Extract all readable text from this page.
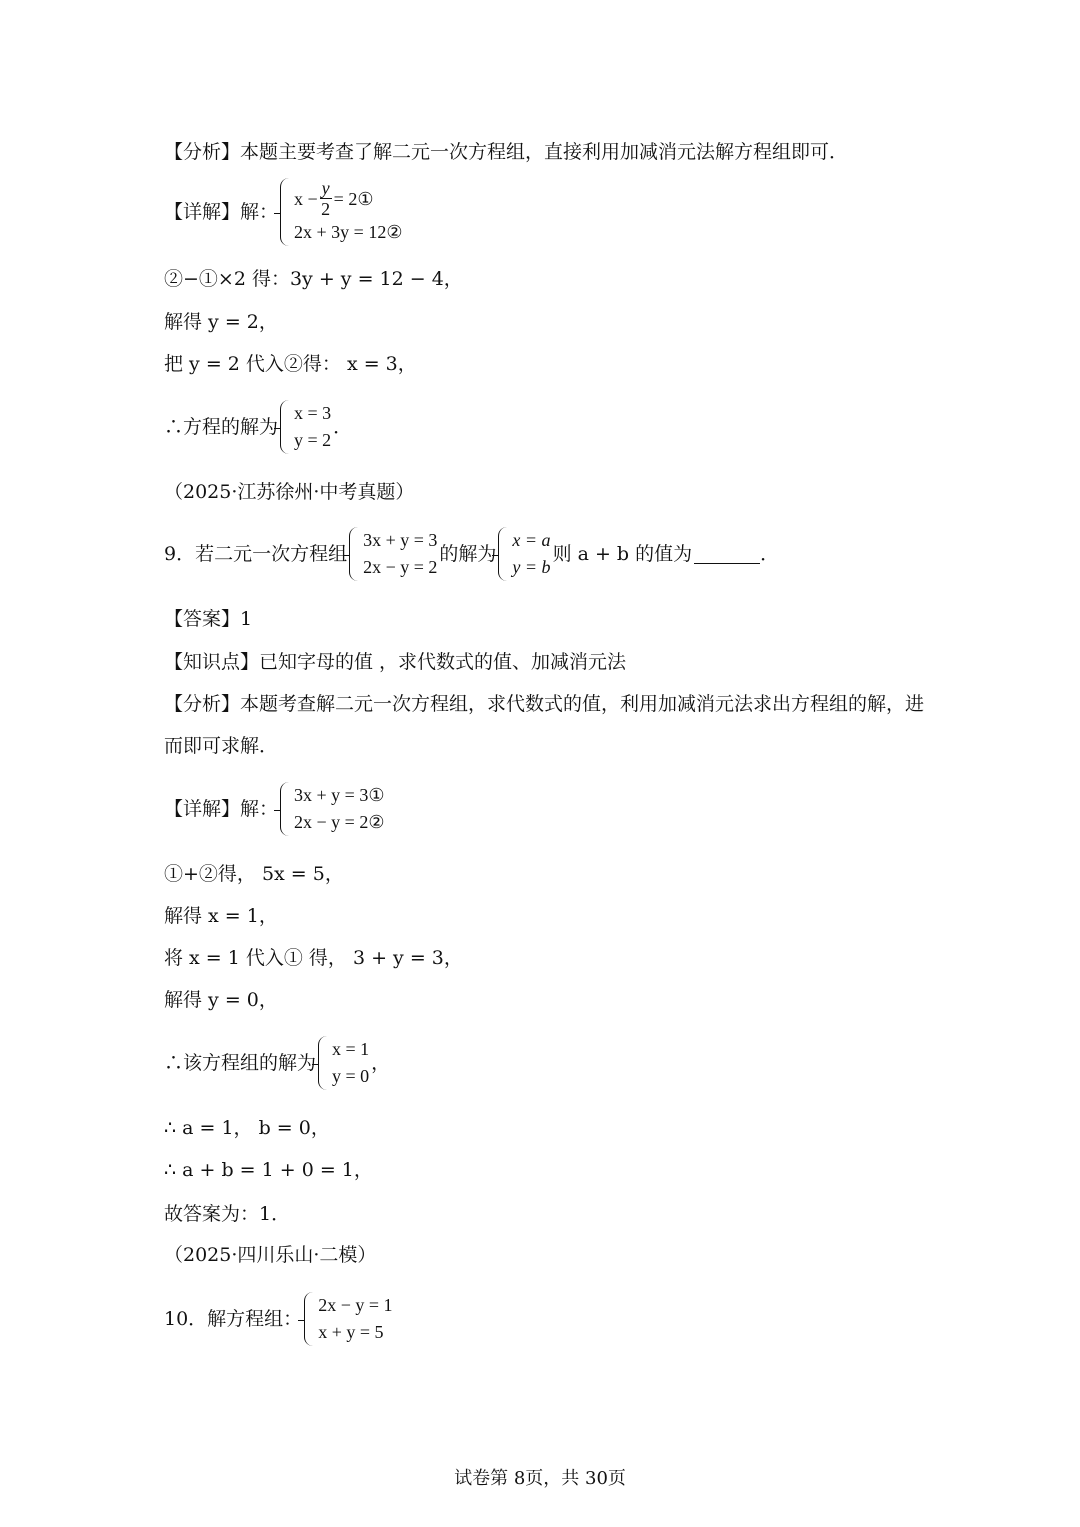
【分析】本题主要考查了解二元一次方程组，直接利用加减消元法解方程组即可．
【详解】解：
$x - \frac{y}{2}$ = 2①
2x + 3y = 12②
②−①×2 得：3y + y = 12 − 4，
解得 y = 2，
把 y = 2 代入②得： x = 3，
∴方程的解为
x = 3
y = 2
．
（2025·江苏徐州·中考真题）
9．若二元一次方程组
3x + y = 3
2x − y = 2
的解为
x = a
y = b
则 a + b 的值为	．
【答案】1
【知识点】已知字母的值 ，求代数式的值、加减消元法
【分析】本题考查解二元一次方程组，求代数式的值，利用加减消元法求出方程组的解，进
而即可求解．
【详解】解：
3x + y = 3①
2x − y = 2②
①+②得， 5x = 5，
解得 x = 1，
将 x = 1 代入① 得， 3 + y = 3，
解得 y = 0，
∴该方程组的解为
x = 1
y = 0
，
∴ a = 1， b = 0，
∴ a + b = 1 + 0 = 1，
故答案为：1．
（2025·四川乐山·二模）
10．解方程组：
2x − y = 1
x + y = 5
试卷第 8页，共 30页
